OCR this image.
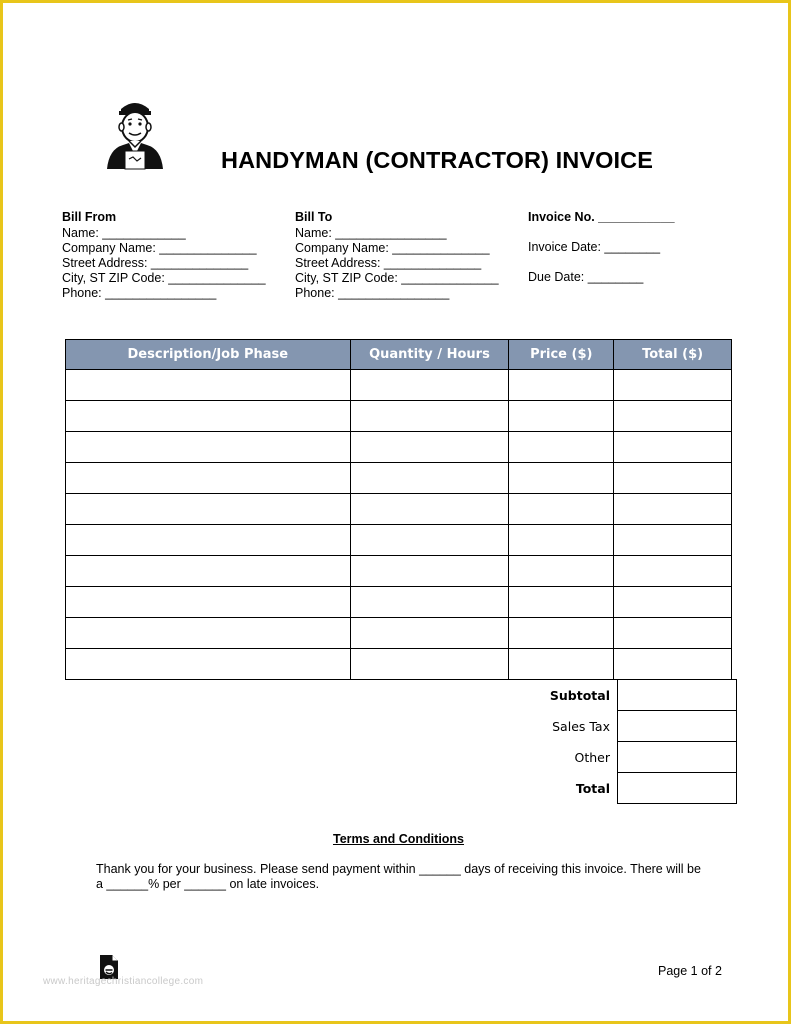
HANDYMAN (CONTRACTOR) INVOICE
Bill From
Name: ____________
Company Name: ______________
Street Address: ______________
City, ST ZIP Code: ______________
Phone: ________________
Bill To
Name: ________________
Company Name: ______________
Street Address: ______________
City, ST ZIP Code: ______________
Phone: ________________
Invoice No. ___________
Invoice Date: ________
Due Date: ________
Description/Job Phase	Quantity / Hours	Price ($)	Total ($)

Subtotal	
Sales Tax	
Other	
Total	
Terms and Conditions
Thank you for your business. Please send payment within ______ days of receiving this invoice. There will be a ______% per ______ on late invoices.
www.heritagechristiancollege.com
Page 1 of 2
